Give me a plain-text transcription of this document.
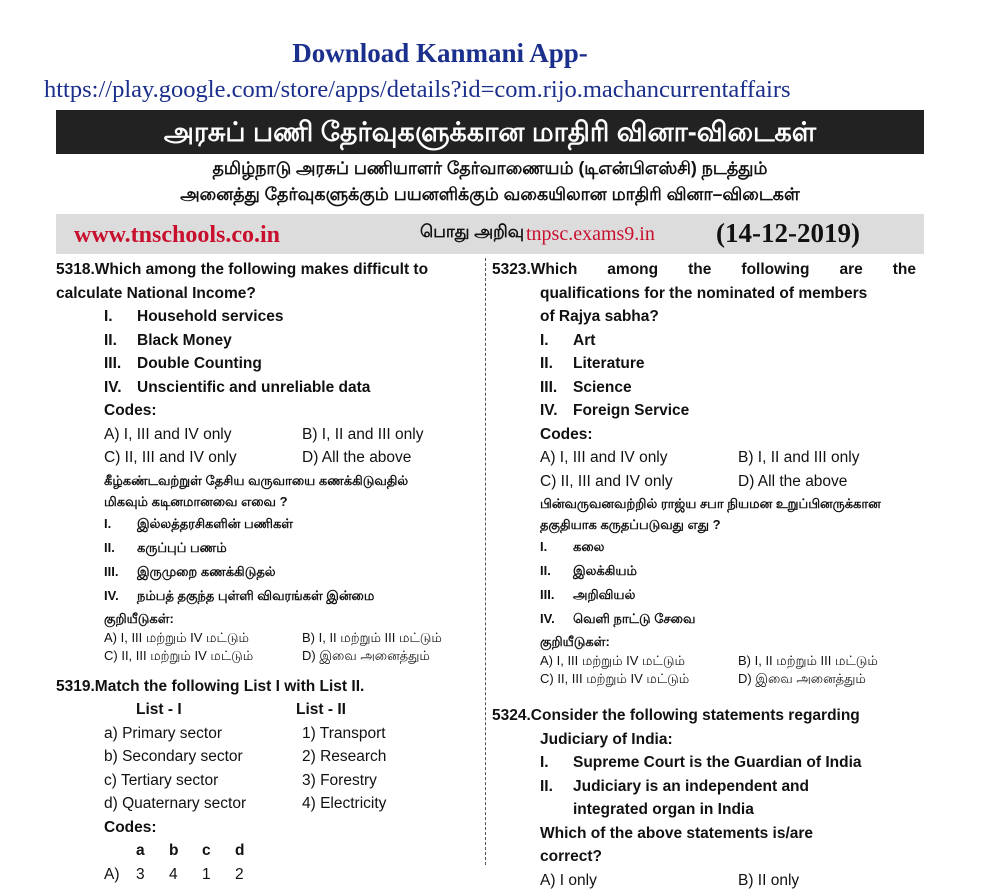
Download Kanmani App-
https://play.google.com/store/apps/details?id=com.rijo.machancurrentaffairs
அரசுப் பணி தேர்வுகளுக்கான மாதிரி வினா-விடைகள்
தமிழ்நாடு அரசுப் பணியாளர் தேர்வாணையம் (டிஎன்பிஎஸ்சி) நடத்தும்
அனைத்து தேர்வுகளுக்கும் பயனளிக்கும் வகையிலான மாதிரி வினா–விடைகள்
www.tnschools.co.in	பொது அறிவு tnpsc.exams9.in (14-12-2019)
5318.Which among the following makes difficult to
calculate National Income?
I.	Household services
II.	Black Money
III.	Double Counting
IV. Unscientific and unreliable data
Codes:
A) I, III and IV only	B) I, II and III only
C) II, III and IV only	D) All the above
கீழ்கண்டவற்றுள் தேசிய வருவாயை கணக்கிடுவதில்
மிகவும் கடினமானவை எவை ?
I.	இல்லத்தரசிகளின் பணிகள்
II.	கருப்புப் பணம்
III.	இருமுறை கணக்கிடுதல்
IV.	நம்பத் தகுந்த புள்ளி விவரங்கள் இன்மை
குறியீடுகள்:
A) I, III மற்றும் IV மட்டும்	B) I, II மற்றும் III மட்டும்
C) II, III மற்றும் IV மட்டும்	D) இவை அனைத்தும்
5319.Match the following List I with List II.
List - I	List - II
a) Primary sector	1) Transport
b) Secondary sector	2) Research
c) Tertiary sector	3) Forestry
d) Quaternary sector	4) Electricity
Codes:
a b c d
A) 3 4 1 2
5323.Which among the following are the
qualifications for the nominated of members
of Rajya sabha?
I.	Art
II.	Literature
III.	Science
IV. Foreign Service
Codes:
A) I, III and IV only	B) I, II and III only
C) II, III and IV only	D) All the above
பின்வருவனவற்றில் ராஜ்ய சபா நியமன உறுப்பினருக்கான
தகுதியாக கருதப்படுவது எது ?
I.	கலை
II.	இலக்கியம்
III.	அறிவியல்
IV.	வெளி நாட்டு சேவை
குறியீடுகள்:
A) I, III மற்றும் IV மட்டும்	B) I, II மற்றும் III மட்டும்
C) II, III மற்றும் IV மட்டும்	D) இவை அனைத்தும்
5324.Consider the following statements regarding
Judiciary of India:
I.	Supreme Court is the Guardian of India
II.	Judiciary is an independent and
integrated organ in India
Which of the above statements is/are
correct?
A) I only	B) II only
